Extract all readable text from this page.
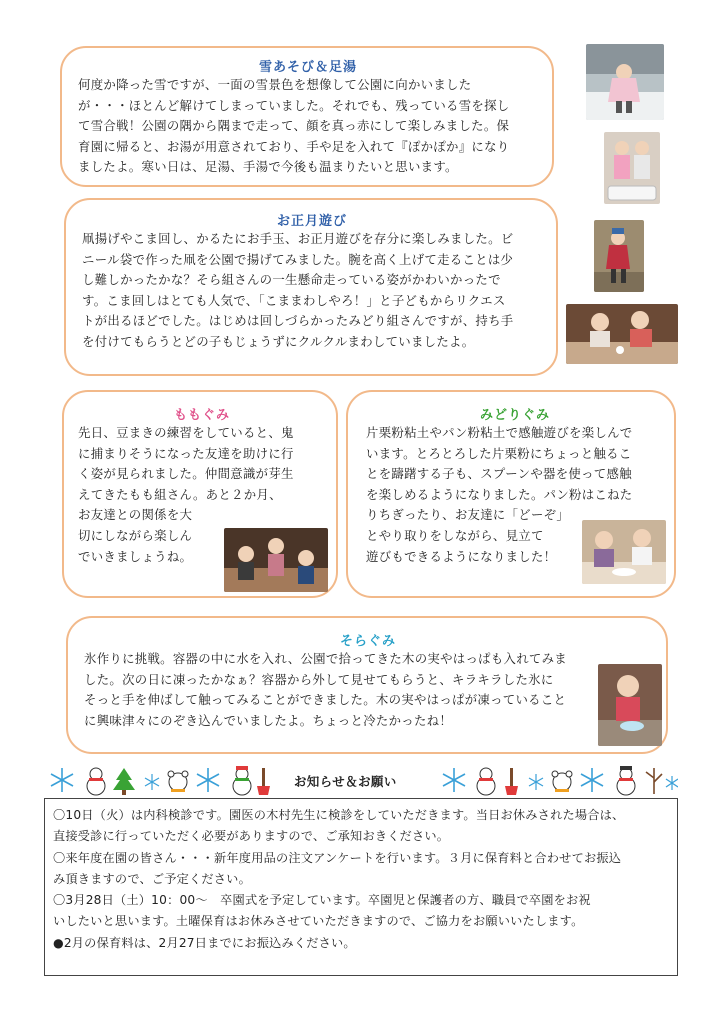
雪あそび＆足湯

何度か降った雪ですが、一面の雪景色を想像して公園に向かいました

が・・・ほとんど解けてしまっていました。それでも、残っている雪を探し

て雪合戦！公園の隅から隅まで走って、顔を真っ赤にして楽しみました。保

育園に帰ると、お湯が用意されており、手や足を入れて『ぽかぽか』になり

ましたよ。寒い日は、足湯、手湯で今後も温まりたいと思います。

お正月遊び

凧揚げやこま回し、かるたにお手玉、お正月遊びを存分に楽しみました。ビ

ニール袋で作った凧を公園で揚げてみました。腕を高く上げて走ることは少

し難しかったかな？そら組さんの一生懸命走っている姿がかわいかったで

す。こま回しはとても人気で、「こままわしやろ！」と子どもからリクエス

トが出るほどでした。はじめは回しづらかったみどり組さんですが、持ち手

を付けてもらうとどの子もじょうずにクルクルまわしていましたよ。

ももぐみ

先日、豆まきの練習をしていると、鬼

に捕まりそうになった友達を助けに行

く姿が見られました。仲間意識が芽生

えてきたもも組さん。あと２か月、

お友達との関係を大

切にしながら楽しん

でいきましょうね。

みどりぐみ

片栗粉粘土やパン粉粘土で感触遊びを楽しんで

います。とろとろした片栗粉にちょっと触るこ

とを躊躇する子も、スプーンや器を使って感触

を楽しめるようになりました。パン粉はこねた

りちぎったり、お友達に「どーぞ」

とやり取りをしながら、見立て

遊びもできるようになりました！

そらぐみ

氷作りに挑戦。容器の中に水を入れ、公園で拾ってきた木の実やはっぱも入れてみま

した。次の日に凍ったかなぁ？容器から外して見せてもらうと、キラキラした氷に

そっと手を伸ばして触ってみることができました。木の実やはっぱが凍っていること

に興味津々にのぞき込んでいましたよ。ちょっと冷たかったね！

お知らせ＆お願い

〇10日（火）は内科検診です。園医の木村先生に検診をしていただきます。当日お休みされた場合は、

直接受診に行っていただく必要がありますので、ご承知おきください。

〇来年度在園の皆さん・・・新年度用品の注文アンケートを行います。３月に保育料と合わせてお振込

み頂きますので、ご予定ください。

〇3月28日（土）10：00～　卒園式を予定しています。卒園児と保護者の方、職員で卒園をお祝

いしたいと思います。土曜保育はお休みさせていただきますので、ご協力をお願いいたします。

●2月の保育料は、2月27日までにお振込みください。
